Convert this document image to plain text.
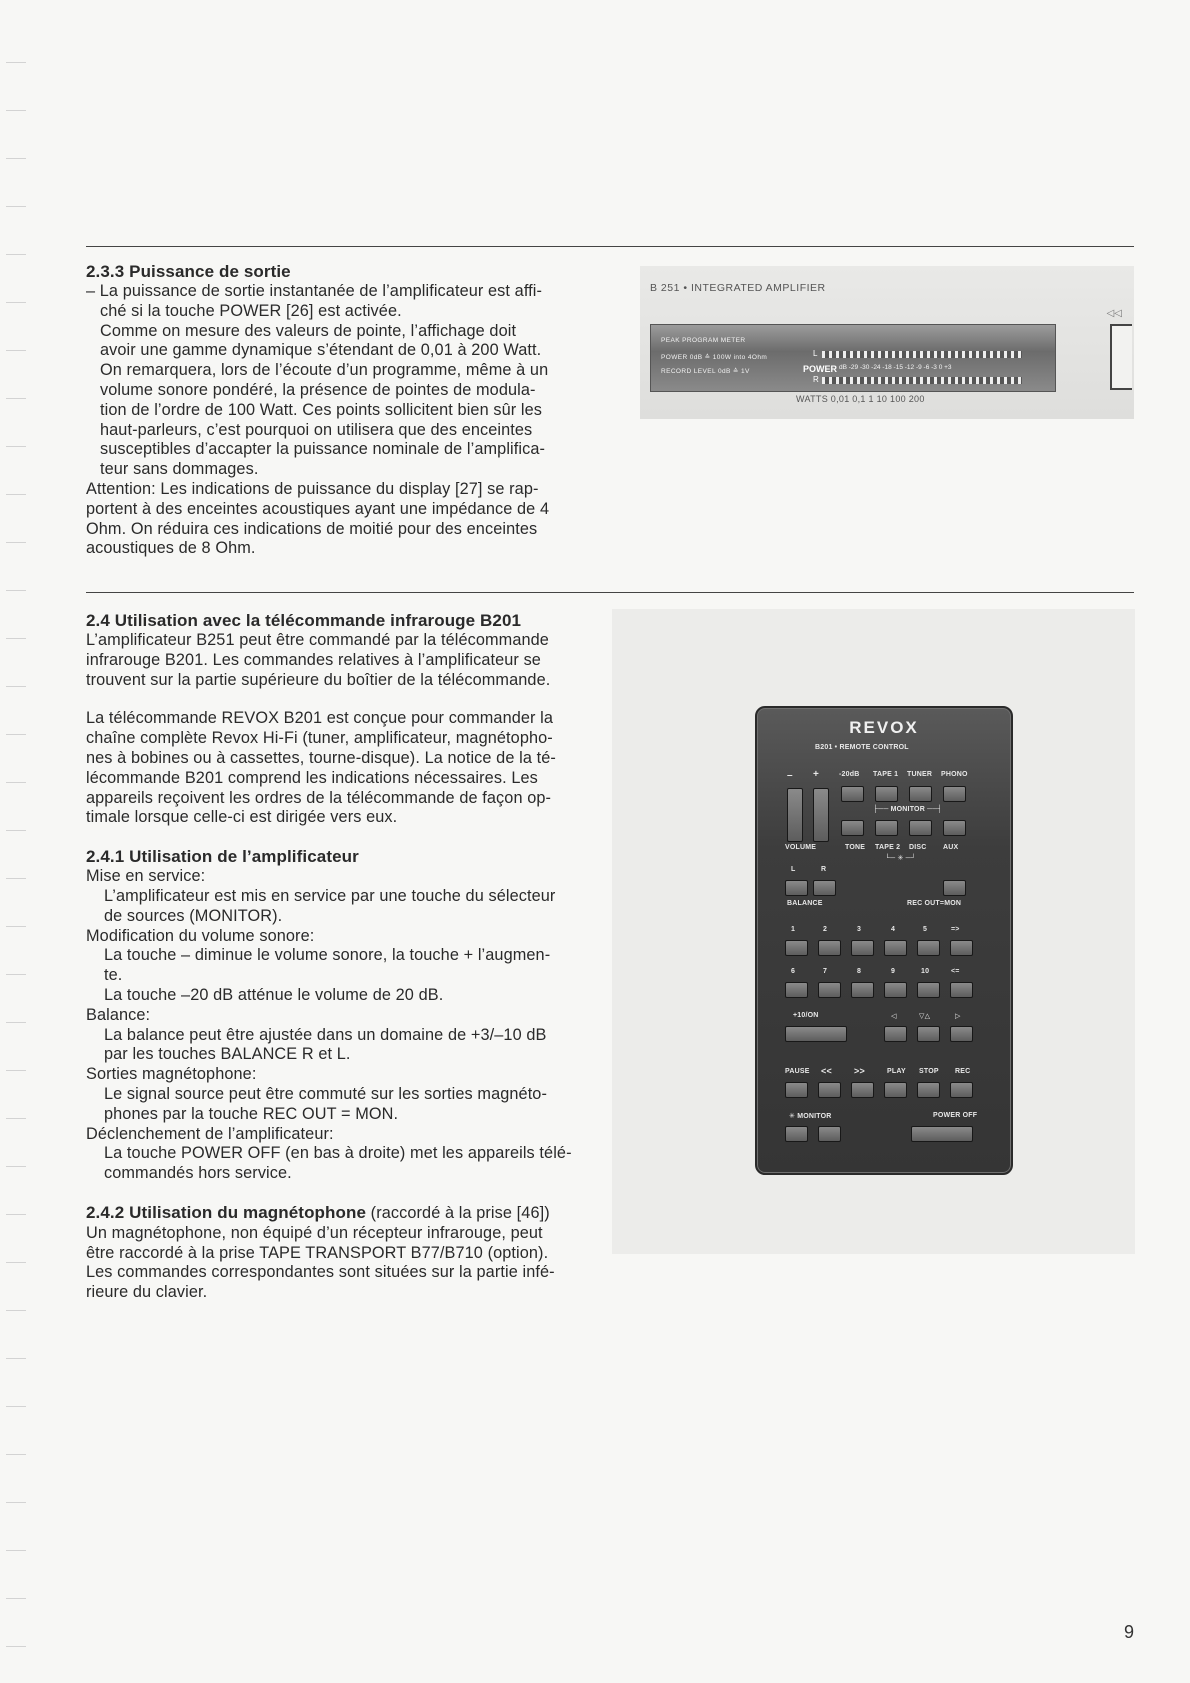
2.3.3 Puissance de sortie

– La puissance de sortie instantanée de l’amplificateur est affi-

ché si la touche POWER [26] est activée.

Comme on mesure des valeurs de pointe, l’affichage doit

avoir une gamme dynamique s’étendant de 0,01 à 200 Watt.

On remarquera, lors de l’écoute d’un programme, même à un

volume sonore pondéré, la présence de pointes de modula-

tion de l’ordre de 100 Watt. Ces points sollicitent bien sûr les

haut-parleurs, c’est pourquoi on utilisera que des enceintes

susceptibles d’accapter la puissance nominale de l’amplifica-

teur sans dommages.

Attention: Les indications de puissance du display [27] se rap-

portent à des enceintes acoustiques ayant une impédance de 4

Ohm. On réduira ces indications de moitié pour des enceintes

acoustiques de 8 Ohm.

B 251 • INTEGRATED AMPLIFIER
◁◁
PEAK PROGRAM METER
POWER 0dB ≙ 100W into 4Ohm
RECORD LEVEL 0dB ≙ 1V
L
POWER dB -29 -30 -24 -18 -15 -12 -9 -6 -3 0 +3
R
WATTS 0,01 0,1 1 10 100 200

2.4 Utilisation avec la télécommande infrarouge B201

L’amplificateur B251 peut être commandé par la télécommande

infrarouge B201. Les commandes relatives à l’amplificateur se

trouvent sur la partie supérieure du boîtier de la télécommande.

La télécommande REVOX B201 est conçue pour commander la

chaîne complète Revox Hi-Fi (tuner, amplificateur, magnétopho-

nes à bobines ou à cassettes, tourne-disque). La notice de la té-

lécommande B201 comprend les indications nécessaires. Les

appareils reçoivent les ordres de la télécommande de façon op-

timale lorsque celle-ci est dirigée vers eux.

2.4.1 Utilisation de l’amplificateur

Mise en service:

L’amplificateur est mis en service par une touche du sélecteur

de sources (MONITOR).

Modification du volume sonore:

La touche – diminue le volume sonore, la touche + l’augmen-

te.

La touche –20 dB atténue le volume de 20 dB.

Balance:

La balance peut être ajustée dans un domaine de +3/–10 dB

par les touches BALANCE R et L.

Sorties magnétophone:

Le signal source peut être commuté sur les sorties magnéto-

phones par la touche REC OUT = MON.

Déclenchement de l’amplificateur:

La touche POWER OFF (en bas à droite) met les appareils télé-

commandés hors service.

2.4.2 Utilisation du magnétophone (raccordé à la prise [46])

Un magnétophone, non équipé d’un récepteur infrarouge, peut

être raccordé à la prise TAPE TRANSPORT B77/B710 (option).

Les commandes correspondantes sont situées sur la partie infé-

rieure du clavier.

REVOX
B201 • REMOTE CONTROL
– +	-20dB TAPE 1 TUNER PHONO
├── MONITOR ──┤
VOLUME	TONE TAPE 2 DISC AUX
└─ ✳ ─┘
L	R
BALANCE	REC OUT=MON
1	2	3	4	5	=>
6	7	8	9	10	<=
+10/ON	◁	▽△	▷
PAUSE << >>	PLAY STOP REC
✳ MONITOR	POWER OFF
9
